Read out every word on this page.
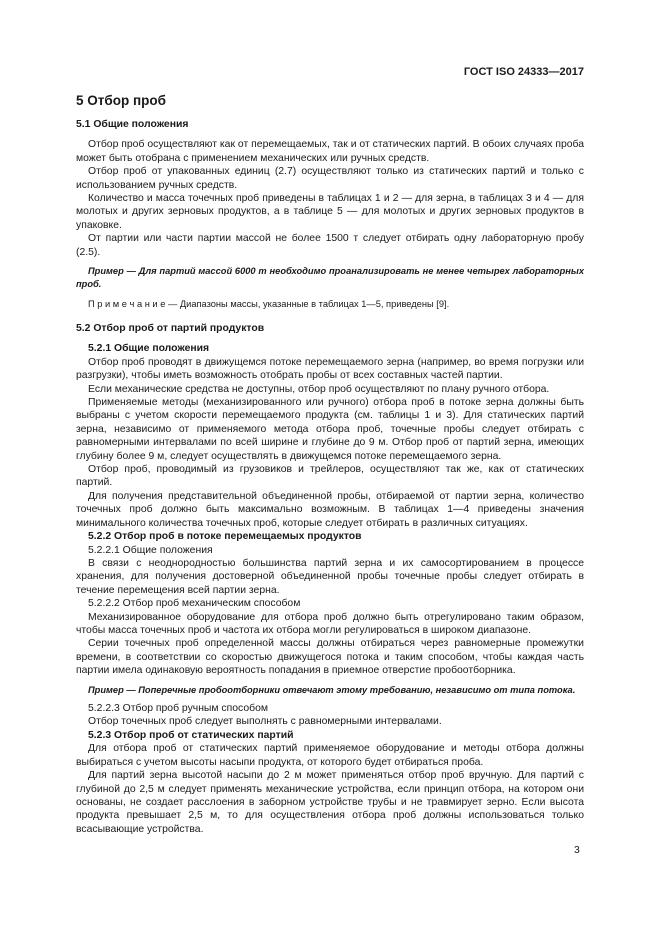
ГОСТ ISO 24333—2017
5 Отбор проб

5.1 Общие положения

Отбор проб осуществляют как от перемещаемых, так и от статических партий. В обоих случаях проба может быть отобрана с применением механических или ручных средств.

Отбор проб от упакованных единиц (2.7) осуществляют только из статических партий и только с использованием ручных средств.

Количество и масса точечных проб приведены в таблицах 1 и 2 — для зерна, в таблицах 3 и 4 — для молотых и других зерновых продуктов, а в таблице 5 — для молотых и других зерновых продуктов в упаковке.

От партии или части партии массой не более 1500 т следует отбирать одну лабораторную пробу (2.5).

Пример — Для партий массой 6000 т необходимо проанализировать не менее четырех лабораторных проб.

П р и м е ч а н и е — Диапазоны массы, указанные в таблицах 1—5, приведены [9].

5.2 Отбор проб от партий продуктов

5.2.1 Общие положения

Отбор проб проводят в движущемся потоке перемещаемого зерна (например, во время погрузки или разгрузки), чтобы иметь возможность отобрать пробы от всех составных частей партии.

Если механические средства не доступны, отбор проб осуществляют по плану ручного отбора.

Применяемые методы (механизированного или ручного) отбора проб в потоке зерна должны быть выбраны с учетом скорости перемещаемого продукта (см. таблицы 1 и 3). Для статических партий зерна, независимо от применяемого метода отбора проб, точечные пробы следует отбирать с равномерными интервалами по всей ширине и глубине до 9 м. Отбор проб от партий зерна, имеющих глубину более 9 м, следует осуществлять в движущемся потоке перемещаемого зерна.

Отбор проб, проводимый из грузовиков и трейлеров, осуществляют так же, как от статических партий.

Для получения представительной объединенной пробы, отбираемой от партии зерна, количество точечных проб должно быть максимально возможным. В таблицах 1—4 приведены значения минимального количества точечных проб, которые следует отбирать в различных ситуациях.

5.2.2 Отбор проб в потоке перемещаемых продуктов

5.2.2.1 Общие положения

В связи с неоднородностью большинства партий зерна и их самосортированием в процессе хранения, для получения достоверной объединенной пробы точечные пробы следует отбирать в течение перемещения всей партии зерна.

5.2.2.2 Отбор проб механическим способом

Механизированное оборудование для отбора проб должно быть отрегулировано таким образом, чтобы масса точечных проб и частота их отбора могли регулироваться в широком диапазоне.

Серии точечных проб определенной массы должны отбираться через равномерные промежутки времени, в соответствии со скоростью движущегося потока и таким способом, чтобы каждая часть партии имела одинаковую вероятность попадания в приемное отверстие пробоотборника.

Пример — Поперечные пробоотборники отвечают этому требованию, независимо от типа потока.

5.2.2.3 Отбор проб ручным способом

Отбор точечных проб следует выполнять с равномерными интервалами.

5.2.3 Отбор проб от статических партий

Для отбора проб от статических партий применяемое оборудование и методы отбора должны выбираться с учетом высоты насыпи продукта, от которого будет отбираться проба.

Для партий зерна высотой насыпи до 2 м может применяться отбор проб вручную. Для партий с глубиной до 2,5 м следует применять механические устройства, если принцип отбора, на котором они основаны, не создает расслоения в заборном устройстве трубы и не травмирует зерно. Если высота продукта превышает 2,5 м, то для осуществления отбора проб должны использоваться только всасывающие устройства.

3
